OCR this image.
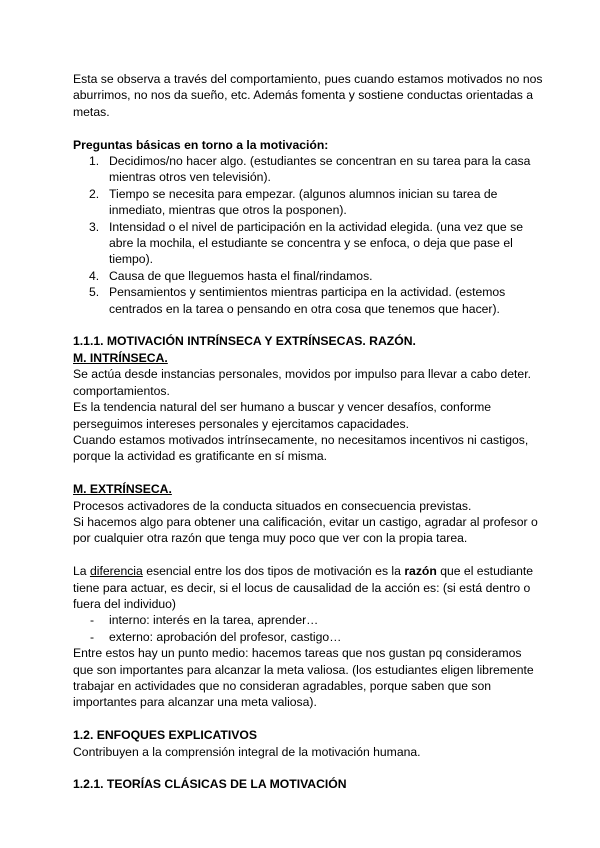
Esta se observa a través del comportamiento, pues cuando estamos motivados no nos aburrimos, no nos da sueño, etc. Además fomenta y sostiene conductas orientadas a metas.

Preguntas básicas en torno a la motivación:

1. Decidimos/no hacer algo. (estudiantes se concentran en su tarea para la casa mientras otros ven televisión).
2. Tiempo se necesita para empezar. (algunos alumnos inician su tarea de inmediato, mientras que otros la posponen).
3. Intensidad o el nivel de participación en la actividad elegida. (una vez que se abre la mochila, el estudiante se concentra y se enfoca, o deja que pase el tiempo).
4. Causa de que lleguemos hasta el final/rindamos.
5. Pensamientos y sentimientos mientras participa en la actividad. (estemos centrados en la tarea o pensando en otra cosa que tenemos que hacer).

1.1.1. MOTIVACIÓN INTRÍNSECA Y EXTRÍNSECAS. RAZÓN.

M. INTRÍNSECA.

Se actúa desde instancias personales, movidos por impulso para llevar a cabo deter. comportamientos.

Es la tendencia natural del ser humano a buscar y vencer desafíos, conforme perseguimos intereses personales y ejercitamos capacidades.

Cuando estamos motivados intrínsecamente, no necesitamos incentivos ni castigos, porque la actividad es gratificante en sí misma.

M. EXTRÍNSECA.

Procesos activadores de la conducta situados en consecuencia previstas.

Si hacemos algo para obtener una calificación, evitar un castigo, agradar al profesor o por cualquier otra razón que tenga muy poco que ver con la propia tarea.

La diferencia esencial entre los dos tipos de motivación es la razón que el estudiante tiene para actuar, es decir, si el locus de causalidad de la acción es: (si está dentro o fuera del individuo)

- interno: interés en la tarea, aprender…
- externo: aprobación del profesor, castigo…

Entre estos hay un punto medio: hacemos tareas que nos gustan pq consideramos que son importantes para alcanzar la meta valiosa. (los estudiantes eligen libremente trabajar en actividades que no consideran agradables, porque saben que son importantes para alcanzar una meta valiosa).

1.2. ENFOQUES EXPLICATIVOS

Contribuyen a la comprensión integral de la motivación humana.

1.2.1. TEORÍAS CLÁSICAS DE LA MOTIVACIÓN
